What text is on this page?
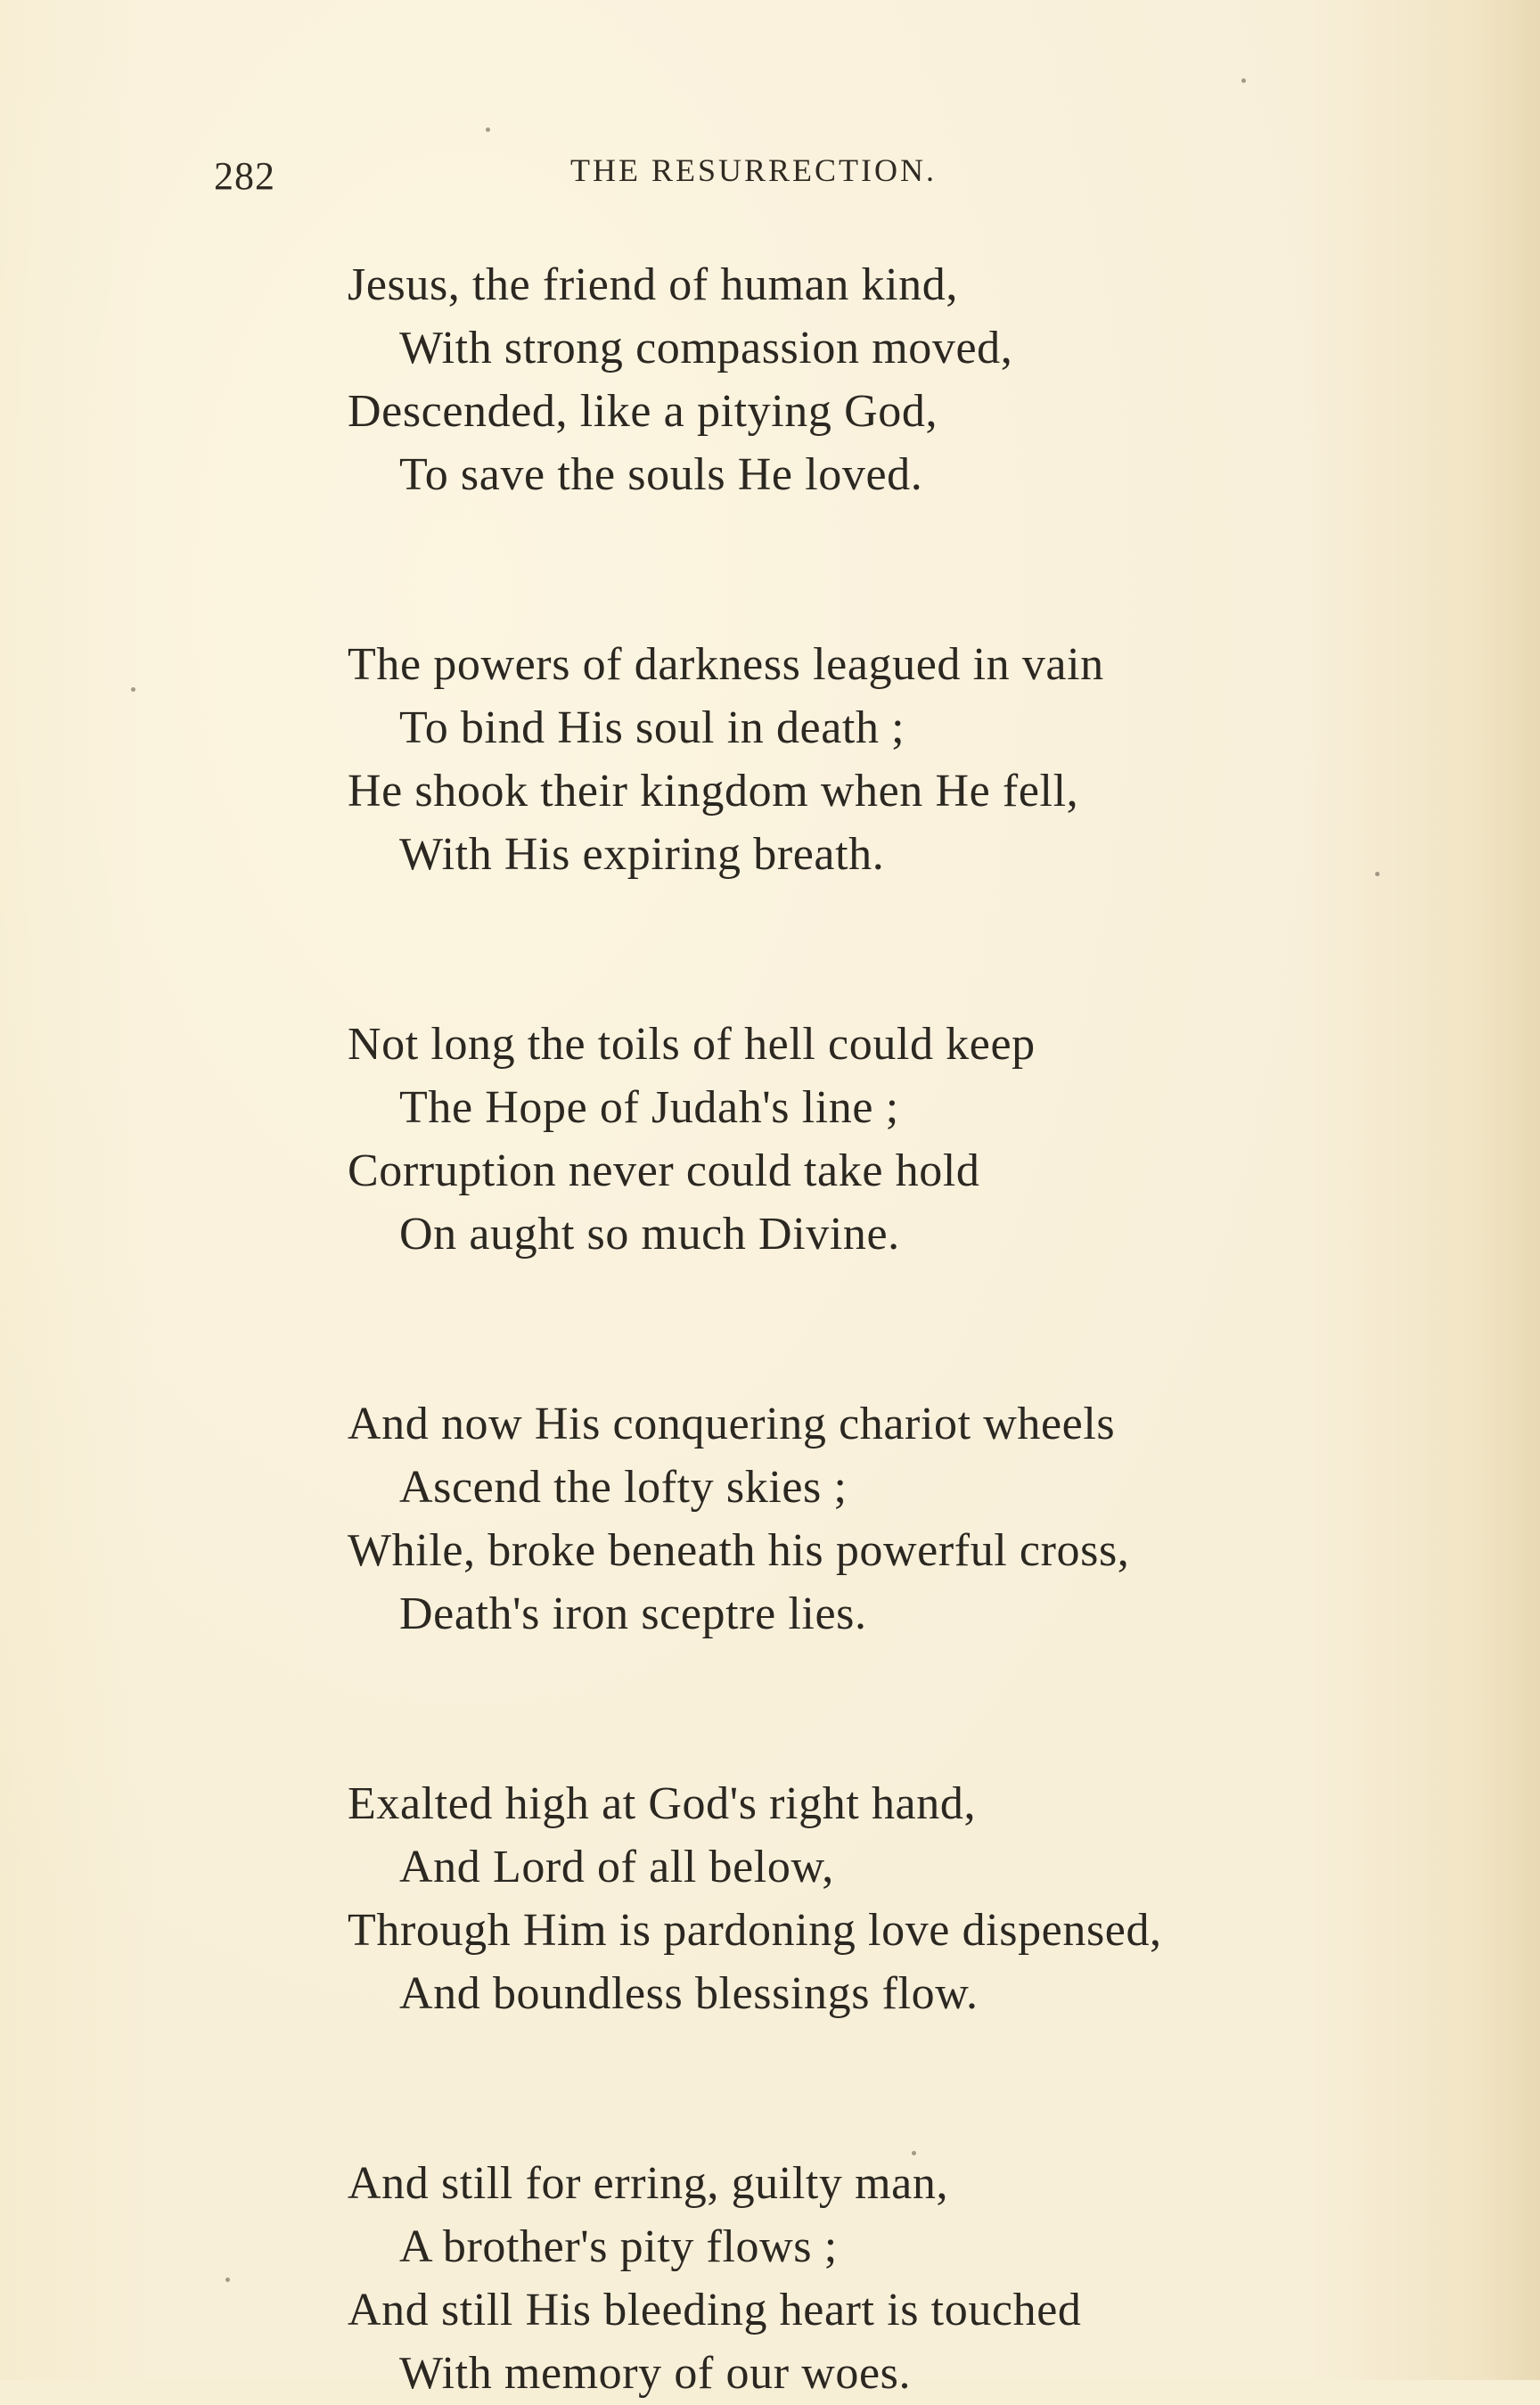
282	THE RESURRECTION.
Jesus, the friend of human kind,
With strong compassion moved,
Descended, like a pitying God,
To save the souls He loved.
The powers of darkness leagued in vain
To bind His soul in death ;
He shook their kingdom when He fell,
With His expiring breath.
Not long the toils of hell could keep
The Hope of Judah's line ;
Corruption never could take hold
On aught so much Divine.
And now His conquering chariot wheels
Ascend the lofty skies ;
While, broke beneath his powerful cross,
Death's iron sceptre lies.
Exalted high at God's right hand,
And Lord of all below,
Through Him is pardoning love dispensed,
And boundless blessings flow.
And still for erring, guilty man,
A brother's pity flows ;
And still His bleeding heart is touched
With memory of our woes.
